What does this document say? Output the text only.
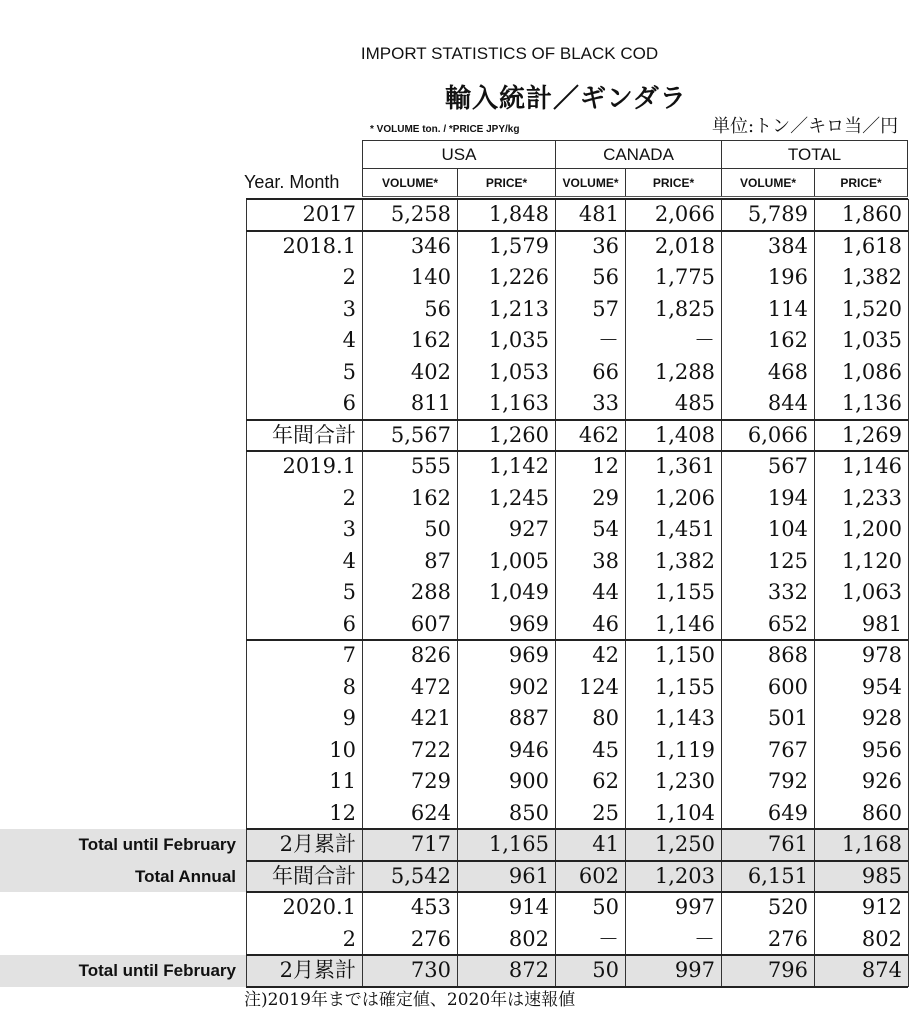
IMPORT STATISTICS OF BLACK COD
輸入統計／ギンダラ
* VOLUME ton. / *PRICE JPY/kg	単位:トン／キロ当／円
Year. Month
USA	CANADA	TOTAL
VOLUME*	PRICE*	VOLUME*	PRICE*	VOLUME*	PRICE*
2017	5,258	1,848	481	2,066	5,789	1,860
2018.1	346	1,579	36	2,018	384	1,618
2	140	1,226	56	1,775	196	1,382
3	56	1,213	57	1,825	114	1,520
4	162	1,035	－	－	162	1,035
5	402	1,053	66	1,288	468	1,086
6	811	1,163	33	485	844	1,136
年間合計	5,567	1,260	462	1,408	6,066	1,269
2019.1	555	1,142	12	1,361	567	1,146
2	162	1,245	29	1,206	194	1,233
3	50	927	54	1,451	104	1,200
4	87	1,005	38	1,382	125	1,120
5	288	1,049	44	1,155	332	1,063
6	607	969	46	1,146	652	981
7	826	969	42	1,150	868	978
8	472	902	124	1,155	600	954
9	421	887	80	1,143	501	928
10	722	946	45	1,119	767	956
11	729	900	62	1,230	792	926
12	624	850	25	1,104	649	860
Total until February	2月累計	717	1,165	41	1,250	761	1,168
Total Annual	年間合計	5,542	961	602	1,203	6,151	985
2020.1	453	914	50	997	520	912
2	276	802	－	－	276	802
Total until February	2月累計	730	872	50	997	796	874
注)2019年までは確定値、2020年は速報値
